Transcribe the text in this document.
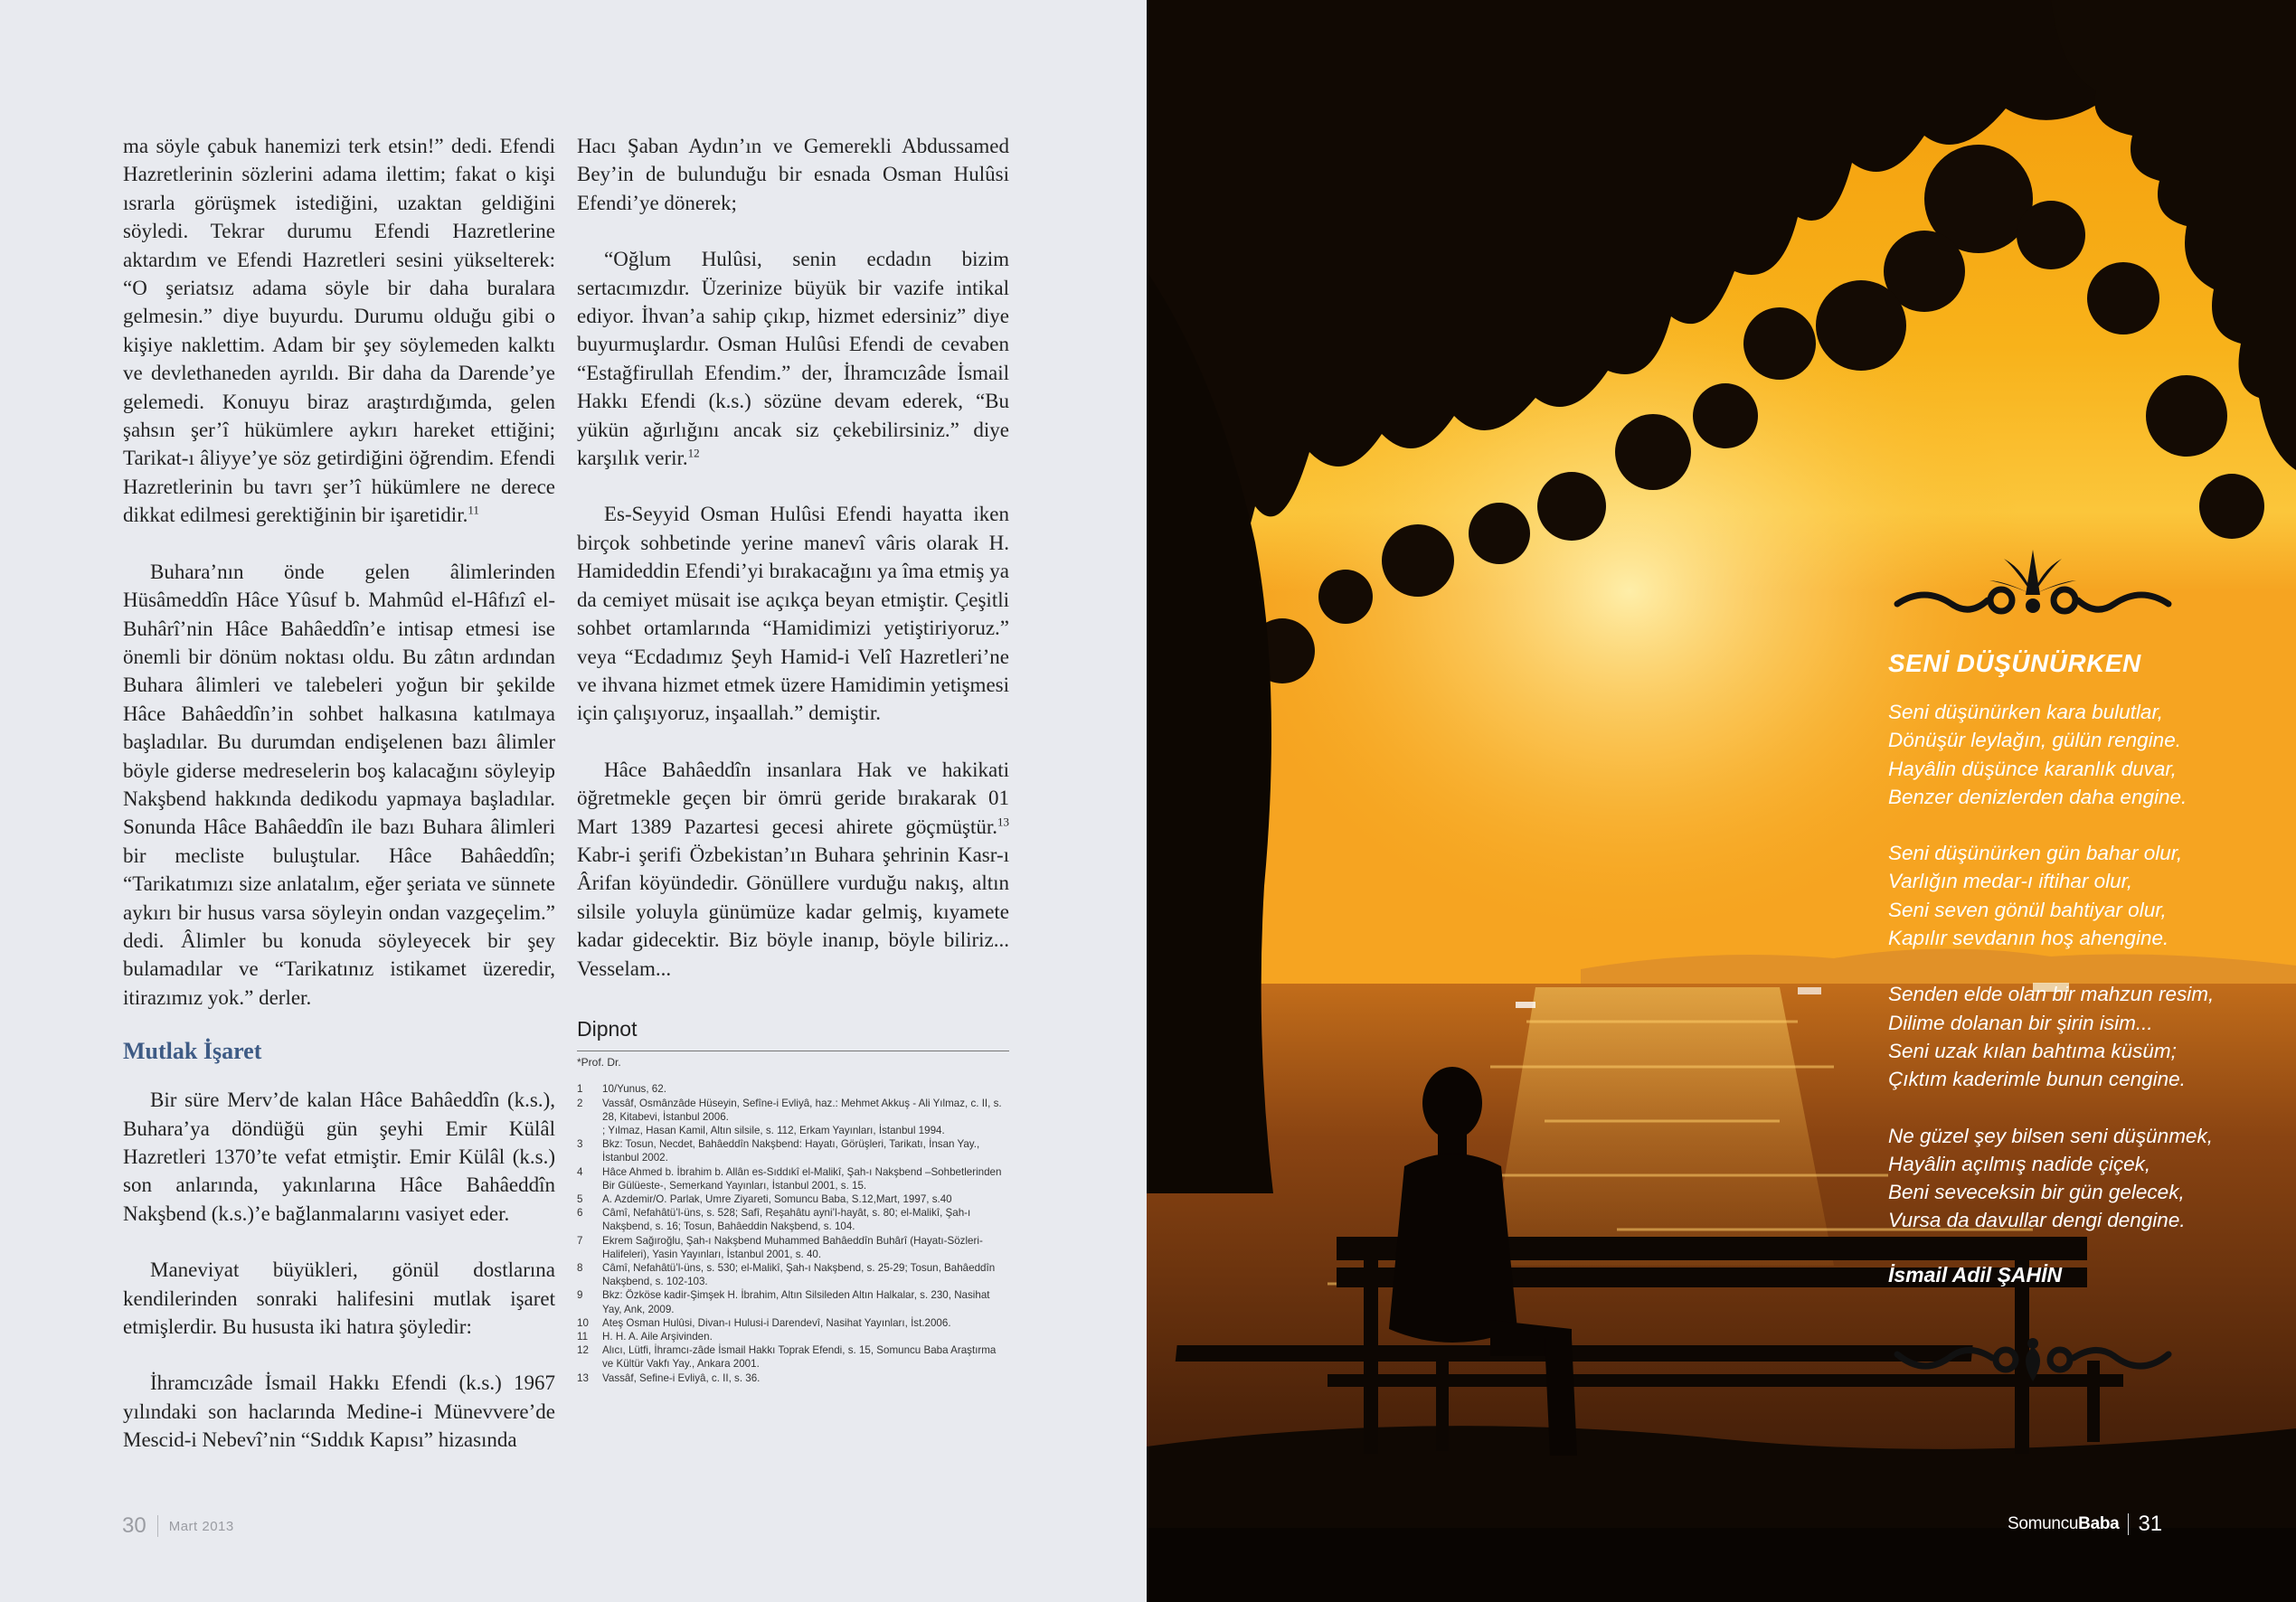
ma söyle çabuk hanemizi terk etsin!” dedi. Efendi Hazretlerinin sözlerini adama ilettim; fakat o kişi ısrarla görüşmek istediğini, uzaktan geldiğini söyledi. Tekrar durumu Efendi Hazretlerine aktardım ve Efendi Hazretleri sesini yükselterek: “O şeriatsız adama söyle bir daha buralara gelmesin.” diye buyurdu. Durumu olduğu gibi o kişiye naklettim. Adam bir şey söylemeden kalktı ve devlethaneden ayrıldı. Bir daha da Darende’ye gelemedi. Konuyu biraz araştırdığımda, gelen şahsın şer’î hükümlere aykırı hareket ettiğini; Tarikat-ı âliyye’ye söz getirdiğini öğrendim. Efendi Hazretlerinin bu tavrı şer’î hükümlere ne derece dikkat edilmesi gerektiğinin bir işaretidir.$^{11}$

Buhara’nın önde gelen âlimlerinden Hüsâmeddîn Hâce Yûsuf b. Mahmûd el-Hâfızî el-Buhârî’nin Hâce Bahâeddîn’e intisap etmesi ise önemli bir dönüm noktası oldu. Bu zâtın ardından Buhara âlimleri ve talebeleri yoğun bir şekilde Hâce Bahâeddîn’in sohbet halkasına katılmaya başladılar. Bu durumdan endişelenen bazı âlimler böyle giderse medreselerin boş kalacağını söyleyip Nakşbend hakkında dedikodu yapmaya başladılar. Sonunda Hâce Bahâeddîn ile bazı Buhara âlimleri bir mecliste buluştular. Hâce Bahâeddîn; “Tarikatımızı size anlatalım, eğer şeriata ve sünnete aykırı bir husus varsa söyleyin ondan vazgeçelim.” dedi. Âlimler bu konuda söyleyecek bir şey bulamadılar ve “Tarikatınız istikamet üzeredir, itirazımız yok.” derler.

Mutlak İşaret

Bir süre Merv’de kalan Hâce Bahâeddîn (k.s.), Buhara’ya döndüğü gün şeyhi Emir Külâl Hazretleri 1370’te vefat etmiştir. Emir Külâl (k.s.) son anlarında, yakınlarına Hâce Bahâeddîn Nakşbend (k.s.)’e bağlanmalarını vasiyet eder.

Maneviyat büyükleri, gönül dostlarına kendilerinden sonraki halifesini mutlak işaret etmişlerdir. Bu hususta iki hatıra şöyledir:

İhramcızâde İsmail Hakkı Efendi (k.s.) 1967 yılındaki son haclarında Medine-i Münevvere’de Mescid-i Nebevî’nin “Sıddık Kapısı” hizasında

Hacı Şaban Aydın’ın ve Gemerekli Abdussamed Bey’in de bulunduğu bir esnada Osman Hulûsi Efendi’ye dönerek;

“Oğlum Hulûsi, senin ecdadın bizim sertacımızdır. Üzerinize büyük bir vazife intikal ediyor. İhvan’a sahip çıkıp, hizmet edersiniz” diye buyurmuşlardır. Osman Hulûsi Efendi de cevaben “Estağfirullah Efendim.” der, İhramcızâde İsmail Hakkı Efendi (k.s.) sözüne devam ederek, “Bu yükün ağırlığını ancak siz çekebilirsiniz.” diye karşılık verir.$^{12}$

Es-Seyyid Osman Hulûsi Efendi hayatta iken birçok sohbetinde yerine manevî vâris olarak H. Hamideddin Efendi’yi bırakacağını ya îma etmiş ya da cemiyet müsait ise açıkça beyan etmiştir. Çeşitli sohbet ortamlarında “Hamidimizi yetiştiriyoruz.” veya “Ecdadımız Şeyh Hamid-i Velî Hazretleri’ne ve ihvana hizmet etmek üzere Hamidimin yetişmesi için çalışıyoruz, inşaallah.” demiştir.

Hâce Bahâeddîn insanlara Hak ve hakikati öğretmekle geçen bir ömrü geride bırakarak 01 Mart 1389 Pazartesi gecesi ahirete göçmüştür.$^{13}$ Kabr-i şerifi Özbekistan’ın Buhara şehrinin Kasr-ı Ârifan köyündedir. Gönüllere vurduğu nakış, altın silsile yoluyla günümüze kadar gelmiş, kıyamete kadar gidecektir. Biz böyle inanıp, böyle biliriz... Vesselam...

Dipnot
*Prof. Dr.
1	10/Yunus, 62.
2	Vassâf, Osmânzâde Hüseyin, Sefîne-i Evliyâ, haz.: Mehmet Akkuş - Ali Yılmaz, c. II, s. 28, Kitabevi, İstanbul 2006.
; Yılmaz, Hasan Kamil, Altın silsile, s. 112, Erkam Yayınları, İstanbul 1994.
3	Bkz: Tosun, Necdet, Bahâeddîn Nakşbend: Hayatı, Görüşleri, Tarikatı, İnsan Yay., İstanbul 2002.
4	Hâce Ahmed b. İbrahim b. Allân es-Sıddıkî el-Malikî, Şah-ı Nakşbend –Sohbetlerinden Bir Gülüeste-, Semerkand Yayınları, İstanbul 2001, s. 15.
5	A. Azdemir/O. Parlak, Umre Ziyareti, Somuncu Baba, S.12,Mart, 1997, s.40
6	Câmî, Nefahâtü’l-üns, s. 528; Safî, Reşahâtu ayni’l-hayât, s. 80; el-Malikî, Şah-ı Nakşbend, s. 16; Tosun, Bahâeddin Nakşbend, s. 104.
7	Ekrem Sağıroğlu, Şah-ı Nakşbend Muhammed Bahâeddîn Buhârî (Hayatı-Sözleri-Halifeleri), Yasin Yayınları, İstanbul 2001, s. 40.
8	Câmî, Nefahâtü’l-üns, s. 530; el-Malikî, Şah-ı Nakşbend, s. 25-29; Tosun, Bahâeddîn Nakşbend, s. 102-103.
9	Bkz: Özköse kadir-Şimşek H. İbrahim, Altın Silsileden Altın Halkalar, s. 230, Nasihat Yay, Ank, 2009.
10	Ateş Osman Hulûsi, Divan-ı Hulusi-i Darendevî, Nasihat Yayınları, İst.2006.
11	H. H. A. Aile Arşivinden.
12	Alıcı, Lütfi, İhramcı-zâde İsmail Hakkı Toprak Efendi, s. 15, Somuncu Baba Araştırma ve Kültür Vakfı Yay., Ankara 2001.
13	Vassâf, Sefine-i Evliyâ, c. II, s. 36.
30 Mart 2013
SENİ DÜŞÜNÜRKEN
Seni düşünürken kara bulutlar,
Dönüşür leylağın, gülün rengine.
Hayâlin düşünce karanlık duvar,
Benzer denizlerden daha engine.
Seni düşünürken gün bahar olur,
Varlığın medar-ı iftihar olur,
Seni seven gönül bahtiyar olur,
Kapılır sevdanın hoş ahengine.
Senden elde olan bir mahzun resim,
Dilime dolanan bir şirin isim...
Seni uzak kılan bahtıma küsüm;
Çıktım kaderimle bunun cengine.
Ne güzel şey bilsen seni düşünmek,
Hayâlin açılmış nadide çiçek,
Beni seveceksin bir gün gelecek,
Vursa da davullar dengi dengine.
İsmail Adil ŞAHİN
SomuncuBaba 31
